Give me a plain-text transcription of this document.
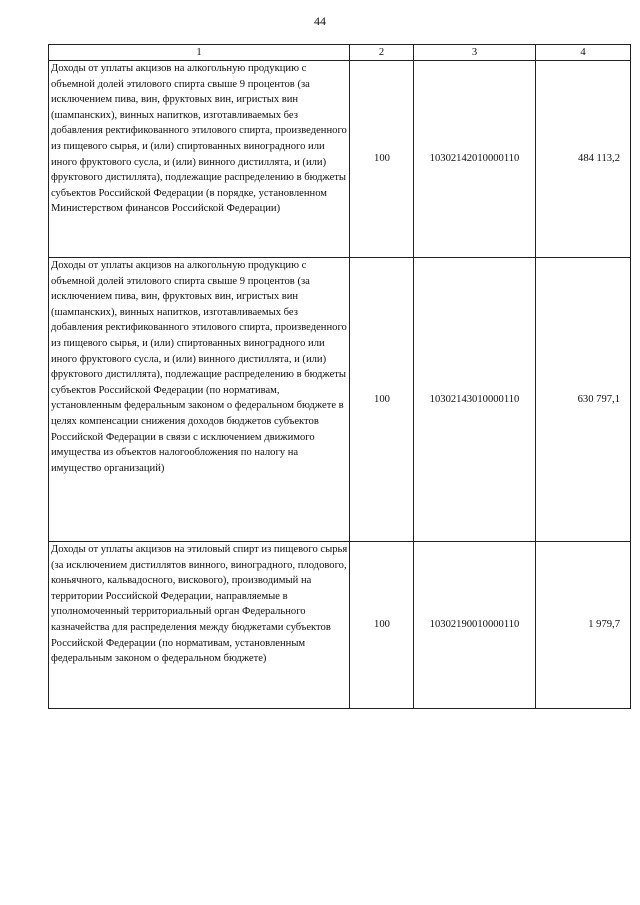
44
1	2	3	4
Доходы от уплаты акцизов на алкогольную продукцию с объемной долей этилового спирта свыше 9 процентов (за исключением пива, вин, фруктовых вин, игристых вин (шампанских), винных напитков, изготавливаемых без добавления ректификованного этилового спирта, произведенного из пищевого сырья, и (или) спиртованных виноградного или иного фруктового сусла, и (или) винного дистиллята, и (или) фруктового дистиллята), подлежащие распределению в бюджеты субъектов Российской Федерации (в порядке, установленном Министерством финансов Российской Федерации)	100	10302142010000110	484 113,2
Доходы от уплаты акцизов на алкогольную продукцию с объемной долей этилового спирта свыше 9 процентов (за исключением пива, вин, фруктовых вин, игристых вин (шампанских), винных напитков, изготавливаемых без добавления ректификованного этилового спирта, произведенного из пищевого сырья, и (или) спиртованных виноградного или иного фруктового сусла, и (или) винного дистиллята, и (или) фруктового дистиллята), подлежащие распределению в бюджеты субъектов Российской Федерации (по нормативам, установленным федеральным законом о федеральном бюджете в целях компенсации снижения доходов бюджетов субъектов Российской Федерации в связи с исключением движимого имущества из объектов налогообложения по налогу на имущество организаций)	100	10302143010000110	630 797,1
Доходы от уплаты акцизов на этиловый спирт из пищевого сырья (за исключением дистиллятов винного, виноградного, плодового, коньячного, кальвадосного, вискового), производимый на территории Российской Федерации, направляемые в уполномоченный территориальный орган Федерального казначейства для распределения между бюджетами субъектов Российской Федерации (по нормативам, установленным федеральным законом о федеральном бюджете)	100	10302190010000110	1 979,7
